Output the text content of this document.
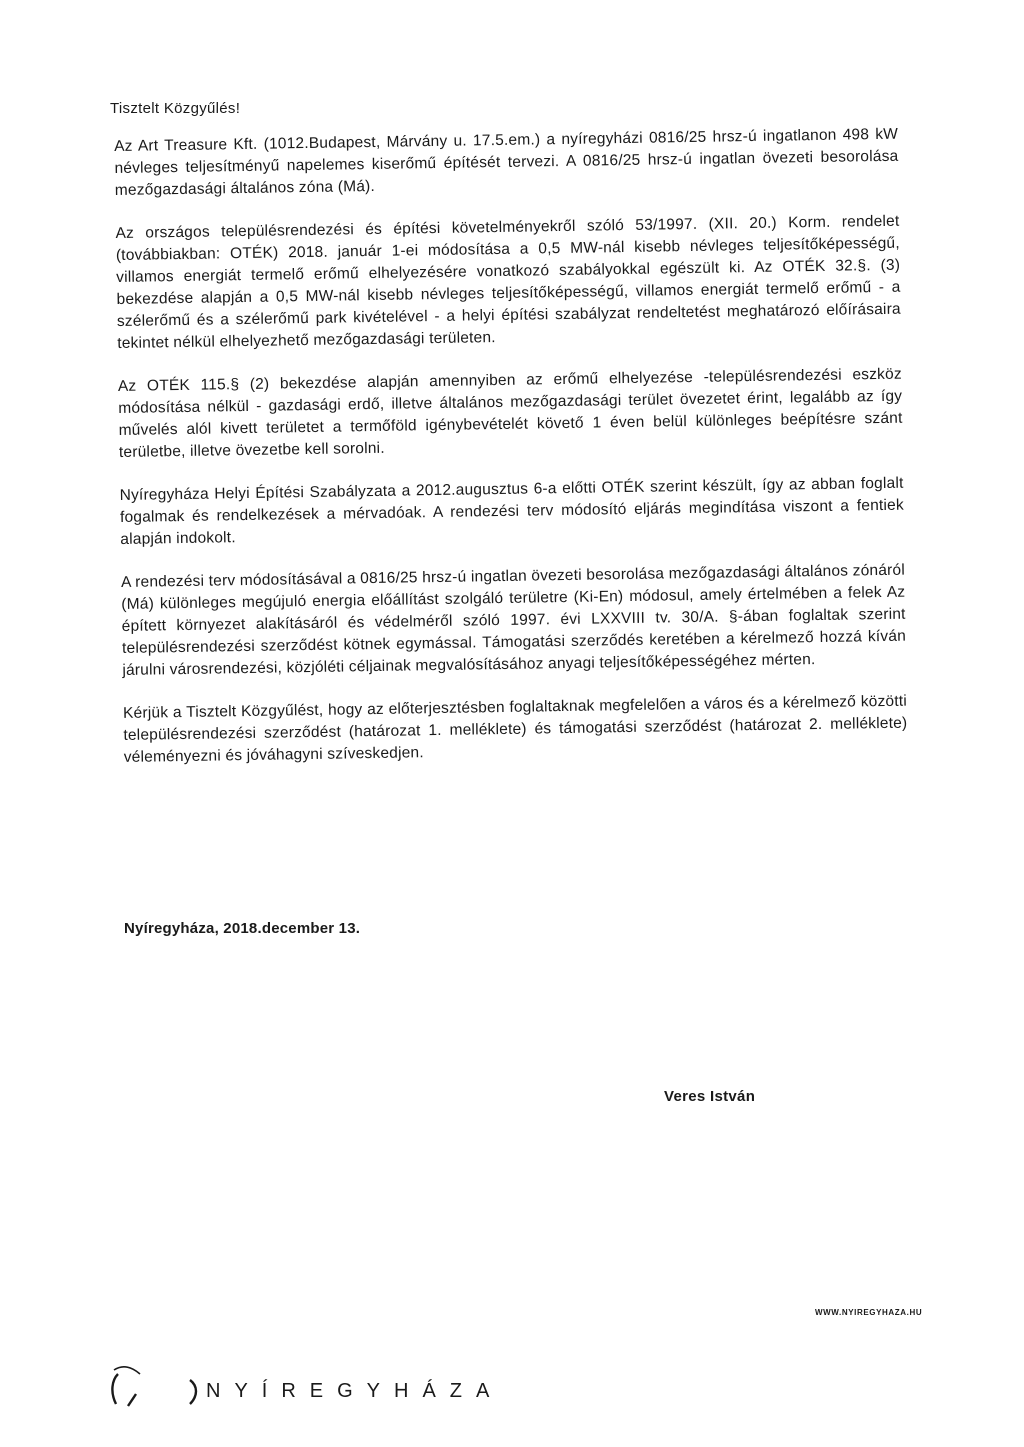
Tisztelt Közgyűlés!

Az Art Treasure Kft. (1012.Budapest, Márvány u. 17.5.em.) a nyíregyházi 0816/25 hrsz-ú ingatlanon 498 kW névleges teljesítményű napelemes kiserőmű építését tervezi. A 0816/25 hrsz-ú ingatlan övezeti besorolása mezőgazdasági általános zóna (Má).

Az országos településrendezési és építési követelményekről szóló 53/1997. (XII. 20.) Korm. rendelet (továbbiakban: OTÉK) 2018. január 1-ei módosítása a 0,5 MW-nál kisebb névleges teljesítőképességű, villamos energiát termelő erőmű elhelyezésére vonatkozó szabályokkal egészült ki. Az OTÉK 32.§. (3) bekezdése alapján a 0,5 MW-nál kisebb névleges teljesítőképességű, villamos energiát termelő erőmű - a szélerőmű és a szélerőmű park kivételével - a helyi építési szabályzat rendeltetést meghatározó előírásaira tekintet nélkül elhelyezhető mezőgazdasági területen.

Az OTÉK 115.§ (2) bekezdése alapján amennyiben az erőmű elhelyezése -településrendezési eszköz módosítása nélkül - gazdasági erdő, illetve általános mezőgazdasági terület övezetet érint, legalább az így művelés alól kivett területet a termőföld igénybevételét követő 1 éven belül különleges beépítésre szánt területbe, illetve övezetbe kell sorolni.

Nyíregyháza Helyi Építési Szabályzata a 2012.augusztus 6-a előtti OTÉK szerint készült, így az abban foglalt fogalmak és rendelkezések a mérvadóak. A rendezési terv módosító eljárás megindítása viszont a fentiek alapján indokolt.

A rendezési terv módosításával a 0816/25 hrsz-ú ingatlan övezeti besorolása mezőgazdasági általános zónáról (Má) különleges megújuló energia előállítást szolgáló területre (Ki-En) módosul, amely értelmében a felek Az épített környezet alakításáról és védelméről szóló 1997. évi LXXVIII tv. 30/A. §-ában foglaltak szerint településrendezési szerződést kötnek egymással. Támogatási szerződés keretében a kérelmező hozzá kíván járulni városrendezési, közjóléti céljainak megvalósításához anyagi teljesítőképességéhez mérten.

Kérjük a Tisztelt Közgyűlést, hogy az előterjesztésben foglaltaknak megfelelően a város és a kérelmező közötti településrendezési szerződést (határozat 1. melléklete) és támogatási szerződést (határozat 2. melléklete) véleményezni és jóváhagyni szíveskedjen.

Nyíregyháza, 2018.december 13.
Veres István
WWW.NYIREGYHAZA.HU
NYÍREGYHÁZA
